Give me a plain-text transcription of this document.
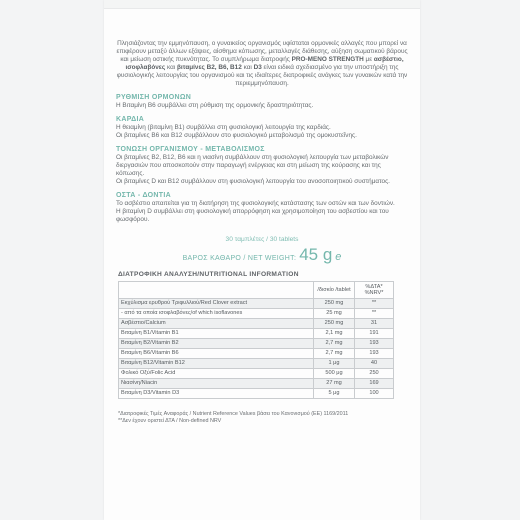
Πλησιάζοντας την εμμηνόπαυση, ο γυναικείος οργανισμός υφίσταται ορμονικές αλλαγές που μπορεί να επιφέρουν μεταξύ άλλων εξάψεις, αίσθημα κόπωσης, μεταλλαγές διάθεσης, αύξηση σωματικού βάρους και μείωση οστικής πυκνότητας. Το συμπλήρωμα διατροφής PRO-MENO STRENGTH με ασβέστιο, ισοφλαβόνες και βιταμίνες Β2, Β6, Β12 και D3 είναι ειδικά σχεδιασμένο για την υποστήριξη της φυσιολογικής λειτουργίας του οργανισμού και τις ιδιαίτερες διατροφικές ανάγκες των γυναικών κατά την περιεμμηνόπαυση.

ΡΥΘΜΙΣΗ ΟΡΜΟΝΩΝ

Η Βιταμίνη Β6 συμβάλλει στη ρύθμιση της ορμονικής δραστηριότητας.

ΚΑΡΔΙΑ

Η θειαμίνη (βιταμίνη Β1) συμβάλλει στη φυσιολογική λειτουργία της καρδιάς.

Οι βιταμίνες Β6 και Β12 συμβάλλουν στο φυσιολογικό μεταβολισμό της ομοκυστεΐνης.

ΤΟΝΩΣΗ ΟΡΓΑΝΙΣΜΟΥ - ΜΕΤΑΒΟΛΙΣΜΟΣ

Οι βιταμίνες Β2, Β12, Β6 και η νιασίνη συμβάλλουν στη φυσιολογική λειτουργία των μεταβολικών διεργασιών που αποσκοπούν στην παραγωγή ενέργειας και στη μείωση της κούρασης και της κόπωσης.

Οι βιταμίνες D και Β12 συμβάλλουν στη φυσιολογική λειτουργία του ανοσοποιητικού συστήματος.

ΟΣΤΑ - ΔΟΝΤΙΑ

Το ασβέστιο απαιτείται για τη διατήρηση της φυσιολογικής κατάστασης των οστών και των δοντιών.

Η βιταμίνη D συμβάλλει στη φυσιολογική απορρόφηση και χρησιμοποίηση του ασβεστίου και του φωσφόρου.

30 ταμπλέτες / 30 tablets
ΒΑΡΟΣ ΚΑΘΑΡΟ / NET WEIGHT: 45 g e
ΔΙΑΤΡΟΦΙΚΗ ΑΝΑΛΥΣΗ/NUTRITIONAL INFORMATION
	/δισκίο /tablet	%ΔΤΑ* %NRV*
Εκχύλισμα ερυθρού Τριφυλλιού/Red Clover extract	250 mg	**
- από τα οποία ισοφλαβόνες/of which isoflavones	25 mg	**
Ασβέστιο/Calcium	250 mg	31
Βιταμίνη Β1/Vitamin B1	2,1 mg	191
Βιταμίνη Β2/Vitamin B2	2,7 mg	193
Βιταμίνη Β6/Vitamin B6	2,7 mg	193
Βιταμίνη Β12/Vitamin B12	1 μg	40
Φολικό Οξύ/Folic Acid	500 μg	250
Νιασίνη/Niacin	27 mg	169
Βιταμίνη D3/Vitamin D3	5 μg	100
*Διατροφικές Τιμές Αναφοράς / Nutrient Reference Values βάσει του Κανονισμού (ΕΕ) 1169/2011
**Δεν έχουν οριστεί ΔΤΑ / Non-defined NRV
